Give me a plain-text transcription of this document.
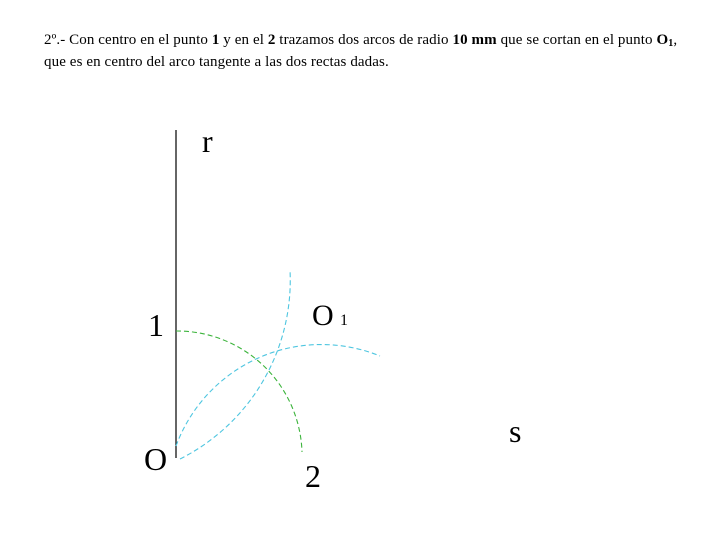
2º.- Con centro en el punto 1 y en el 2 trazamos dos arcos de radio 10 mm que se cortan en el punto $O_1$, que es en centro del arco tangente a las dos rectas dadas.
r
s
1
2
O
O 1
